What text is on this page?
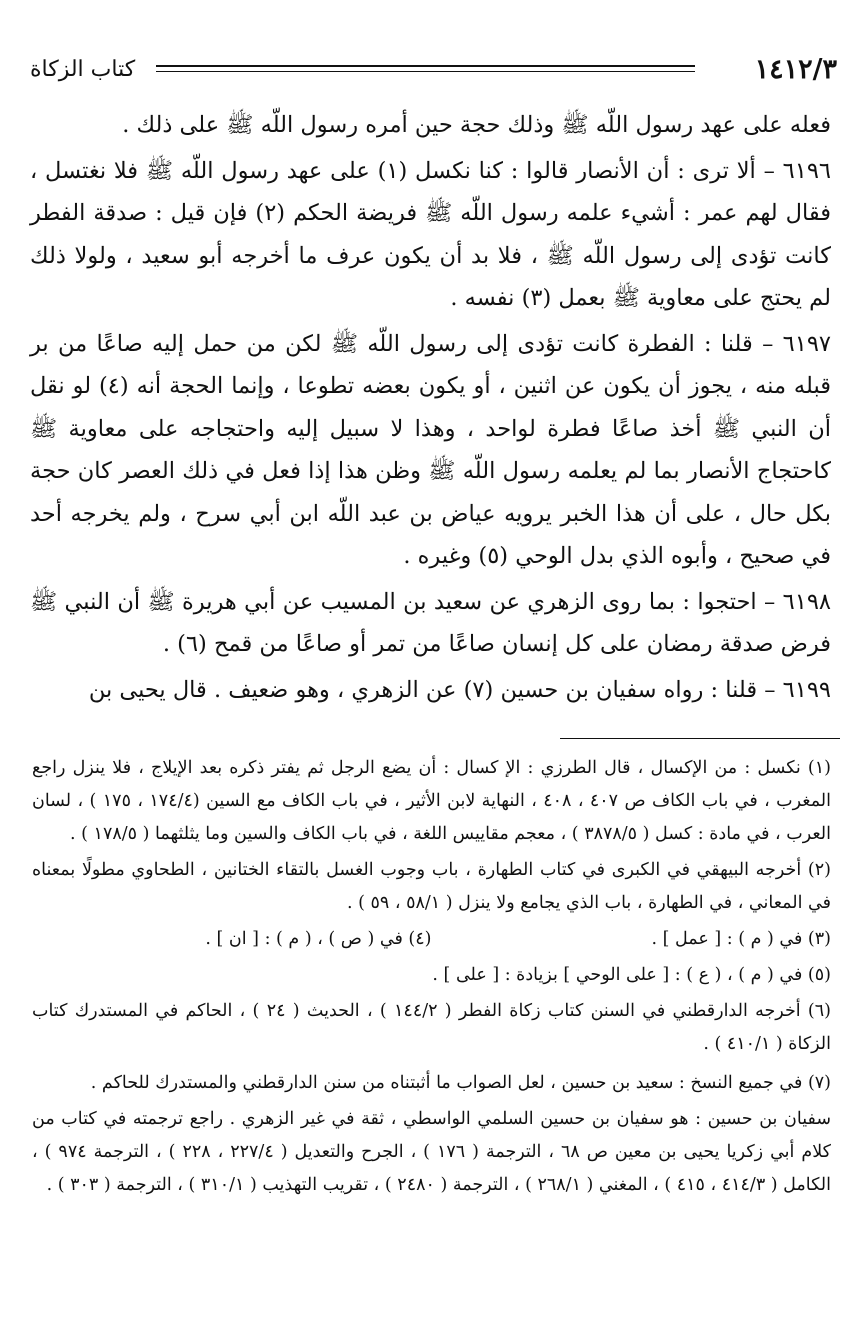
١٤١٢/٣
كتاب الزكاة

فعله على عهد رسول اللّه ﷺ وذلك حجة حين أمره رسول اللّه ﷺ على ذلك .

٦١٩٦ – ألا ترى : أن الأنصار قالوا : كنا نكسل (١) على عهد رسول اللّه ﷺ فلا نغتسل ، فقال لهم عمر : أشيء علمه رسول اللّه ﷺ فريضة الحكم (٢) فإن قيل : صدقة الفطر كانت تؤدى إلى رسول اللّه ﷺ ، فلا بد أن يكون عرف ما أخرجه أبو سعيد ، ولولا ذلك لم يحتج على معاوية ﷺ بعمل (٣) نفسه .

٦١٩٧ – قلنا : الفطرة كانت تؤدى إلى رسول اللّه ﷺ لكن من حمل إليه صاعًا من بر قبله منه ، يجوز أن يكون عن اثنين ، أو يكون بعضه تطوعا ، وإنما الحجة أنه (٤) لو نقل أن النبي ﷺ أخذ صاعًا فطرة لواحد ، وهذا لا سبيل إليه واحتجاجه على معاوية ﷺ كاحتجاج الأنصار بما لم يعلمه رسول اللّه ﷺ وظن هذا إذا فعل في ذلك العصر كان حجة بكل حال ، على أن هذا الخبر يرويه عياض بن عبد اللّه ابن أبي سرح ، ولم يخرجه أحد في صحيح ، وأبوه الذي بدل الوحي (٥) وغيره .

٦١٩٨ – احتجوا : بما روى الزهري عن سعيد بن المسيب عن أبي هريرة ﷺ أن النبي ﷺ فرض صدقة رمضان على كل إنسان صاعًا من تمر أو صاعًا من قمح (٦) .

٦١٩٩ – قلنا : رواه سفيان بن حسين (٧) عن الزهري ، وهو ضعيف . قال يحيى بن

(١) نكسل : من الإكسال ، قال الطرزي : الإ كسال : أن يضع الرجل ثم يفتر ذكره بعد الإيلاج ، فلا ينزل راجع المغرب ، في باب الكاف ص ٤٠٧ ، ٤٠٨ ، النهاية لابن الأثير ، في باب الكاف مع السين (١٧٤/٤ ، ١٧٥ ) ، لسان العرب ، في مادة : كسل ( ٣٨٧٨/٥ ) ، معجم مقاييس اللغة ، في باب الكاف والسين وما يثلثهما ( ١٧٨/٥ ) .
(٢) أخرجه البيهقي في الكبرى في كتاب الطهارة ، باب وجوب الغسل بالتقاء الختانين ، الطحاوي مطولًا بمعناه في المعاني ، في الطهارة ، باب الذي يجامع ولا ينزل ( ٥٨/١ ، ٥٩ ) .
(٣) في ( م ) : [ عمل ] .
(٤) في ( ص ) ، ( م ) : [ ان ] .
(٥) في ( م ) ، ( ع ) : [ على الوحي ] بزيادة : [ على ] .
(٦) أخرجه الدارقطني في السنن كتاب زكاة الفطر ( ١٤٤/٢ ) ، الحديث ( ٢٤ ) ، الحاكم في المستدرك كتاب الزكاة ( ٤١٠/١ ) .
(٧) في جميع النسخ : سعيد بن حسين ، لعل الصواب ما أثبتناه من سنن الدارقطني والمستدرك للحاكم .
سفيان بن حسين : هو سفيان بن حسين السلمي الواسطي ، ثقة في غير الزهري . راجع ترجمته في كتاب من كلام أبي زكريا يحيى بن معين ص ٦٨ ، الترجمة ( ١٧٦ ) ، الجرح والتعديل ( ٢٢٧/٤ ، ٢٢٨ ) ، الترجمة ٩٧٤ ) ، الكامل ( ٤١٤/٣ ، ٤١٥ ) ، المغني ( ٢٦٨/١ ) ، الترجمة ( ٢٤٨٠ ) ، تقريب التهذيب ( ٣١٠/١ ) ، الترجمة ( ٣٠٣ ) .
